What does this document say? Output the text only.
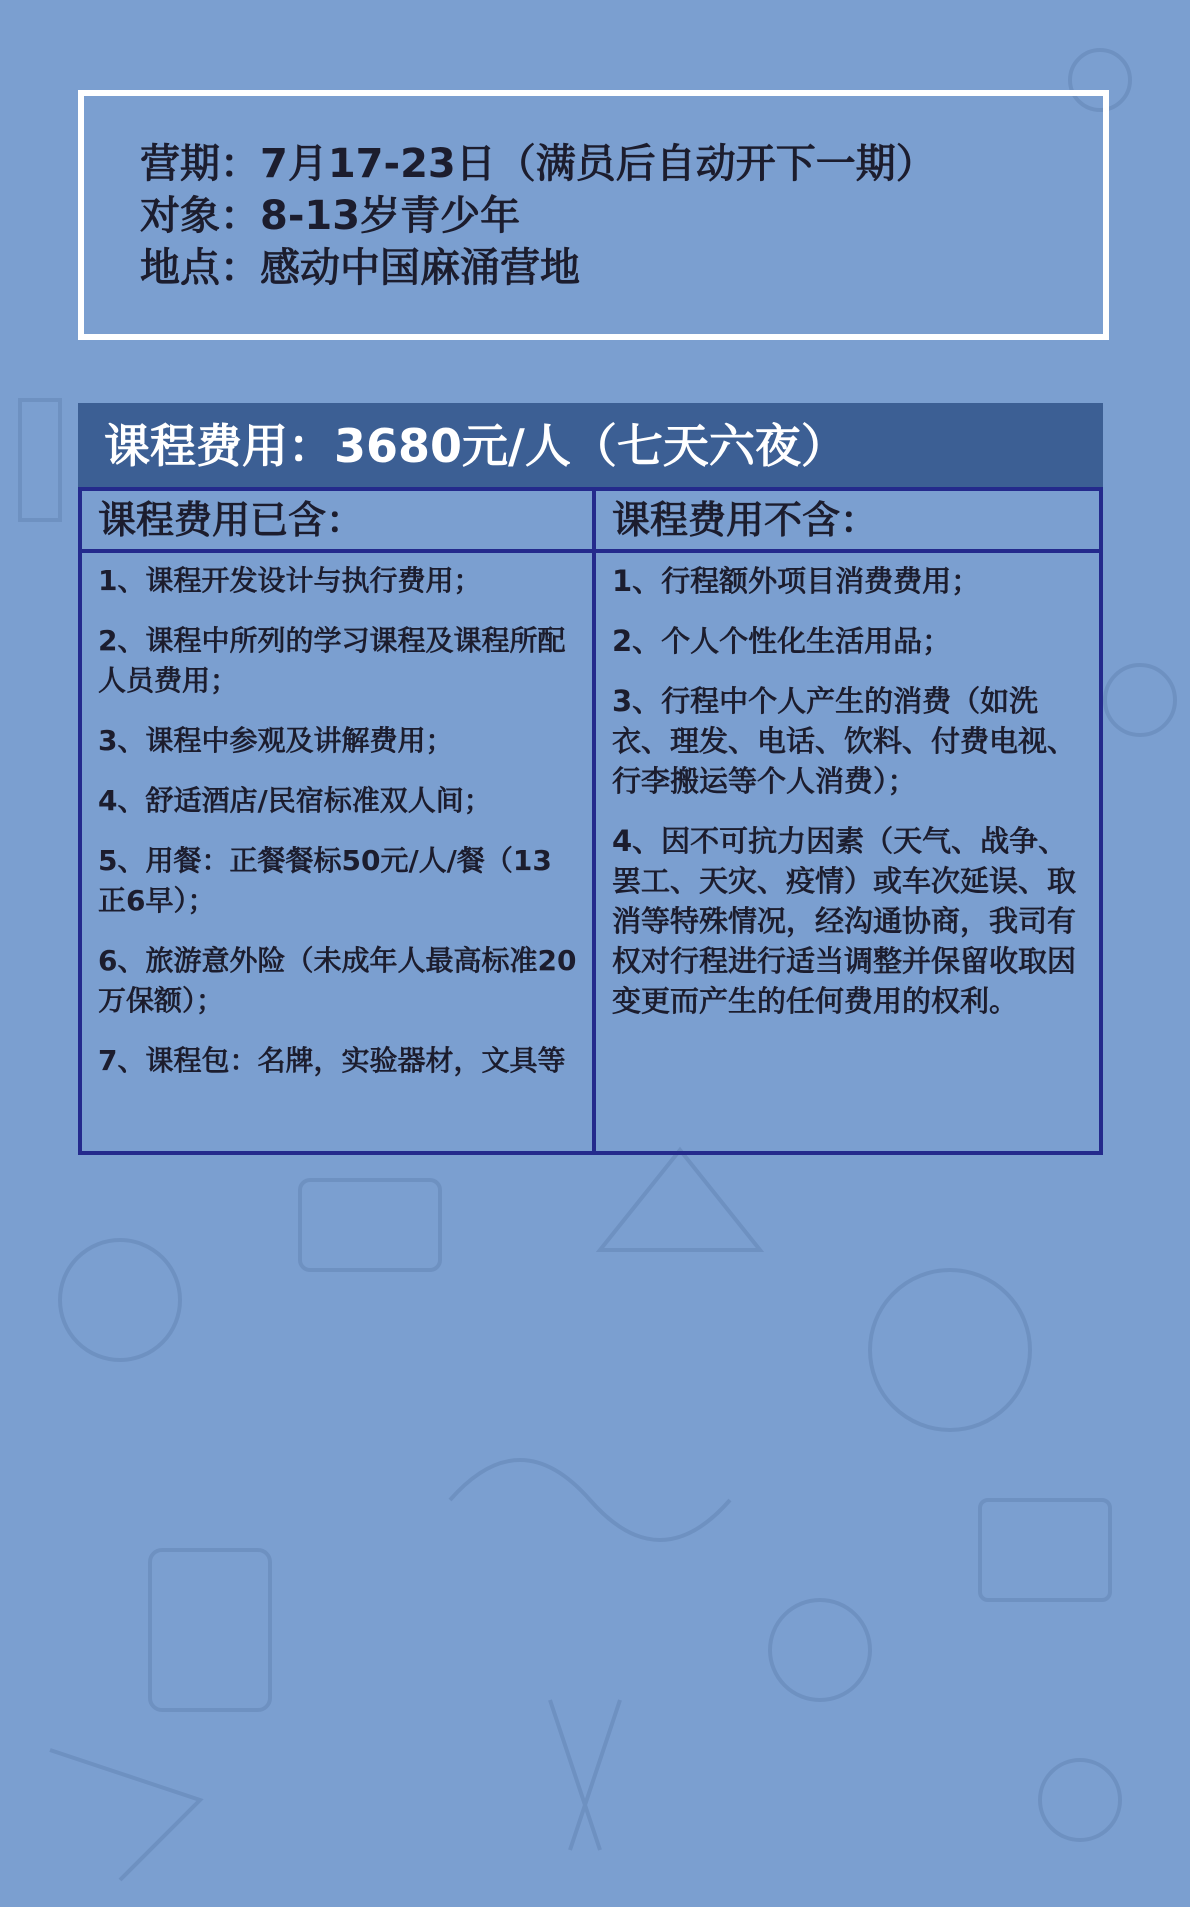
营期：7月17-23日（满员后自动开下一期）
对象：8-13岁青少年
地点：感动中国麻涌营地
课程费用：3680元/人（七天六夜）
课程费用已含：
1、课程开发设计与执行费用；
2、课程中所列的学习课程及课程所配人员费用；
3、课程中参观及讲解费用；
4、舒适酒店/民宿标准双人间；
5、用餐：正餐餐标50元/人/餐（13正6早）；
6、旅游意外险（未成年人最高标准20万保额）；
7、课程包：名牌，实验器材，文具等
课程费用不含：
1、行程额外项目消费费用；
2、个人个性化生活用品；
3、行程中个人产生的消费（如洗衣、理发、电话、饮料、付费电视、行李搬运等个人消费）；
4、因不可抗力因素（天气、战争、罢工、天灾、疫情）或车次延误、取消等特殊情况，经沟通协商，我司有权对行程进行适当调整并保留收取因变更而产生的任何费用的权利。
